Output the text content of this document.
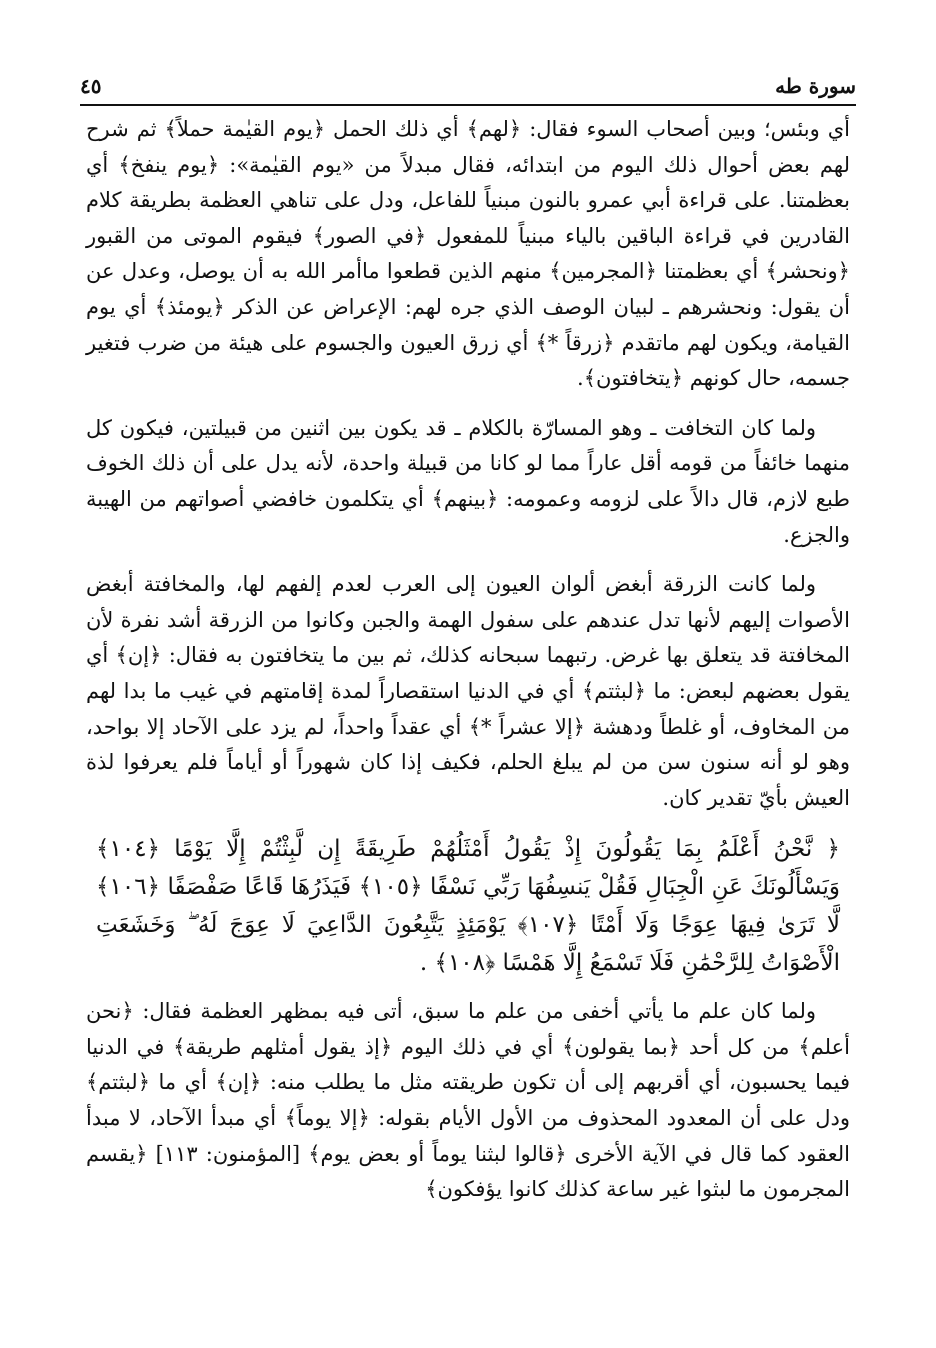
سورة طه
٤٥

أي وبئس؛ وبين أصحاب السوء فقال: ﴿لهم﴾ أي ذلك الحمل ﴿يوم القيٰمة حملاً﴾ ثم شرح لهم بعض أحوال ذلك اليوم من ابتدائه، فقال مبدلاً من «يوم القيٰمة»: ﴿يوم ينفخ﴾ أي بعظمتنا. على قراءة أبي عمرو بالنون مبنياً للفاعل، ودل على تناهي العظمة بطريقة كلام القادرين في قراءة الباقين بالياء مبنياً للمفعول ﴿في الصور﴾ فيقوم الموتى من القبور ﴿ونحشر﴾ أي بعظمتنا ﴿المجرمين﴾ منهم الذين قطعوا ماأمر الله به أن يوصل، وعدل عن أن يقول: ونحشرهم ـ لبيان الوصف الذي جره لهم: الإعراض عن الذكر ﴿يومئذ﴾ أي يوم القيامة، ويكون لهم ماتقدم ﴿زرقاً *﴾ أي زرق العيون والجسوم على هيئة من ضرب فتغير جسمه، حال كونهم ﴿يتخافتون﴾.

ولما كان التخافت ـ وهو المسارّة بالكلام ـ قد يكون بين اثنين من قبيلتين، فيكون كل منهما خائفاً من قومه أقل عاراً مما لو كانا من قبيلة واحدة، لأنه يدل على أن ذلك الخوف طبع لازم، قال دالاً على لزومه وعمومه: ﴿بينهم﴾ أي يتكلمون خافضي أصواتهم من الهيبة والجزع.

ولما كانت الزرقة أبغض ألوان العيون إلى العرب لعدم إلفهم لها، والمخافتة أبغض الأصوات إليهم لأنها تدل عندهم على سفول الهمة والجبن وكانوا من الزرقة أشد نفرة لأن المخافتة قد يتعلق بها غرض. رتبهما سبحانه كذلك، ثم بين ما يتخافتون به فقال: ﴿إن﴾ أي يقول بعضهم لبعض: ما ﴿لبثتم﴾ أي في الدنيا استقصاراً لمدة إقامتهم في غيب ما بدا لهم من المخاوف، أو غلطاً ودهشة ﴿إلا عشراً *﴾ أي عقداً واحداً، لم يزد على الآحاد إلا بواحد، وهو لو أنه سنون سن من لم يبلغ الحلم، فكيف إذا كان شهوراً أو أياماً فلم يعرفوا لذة العيش بأيّ تقدير كان.

﴿ نَّحْنُ أَعْلَمُ بِمَا يَقُولُونَ إِذْ يَقُولُ أَمْثَلُهُمْ طَرِيقَةً إِن لَّبِثْتُمْ إِلَّا يَوْمًا ﴿١٠٤﴾ وَيَسْأَلُونَكَ عَنِ الْجِبَالِ فَقُلْ يَنسِفُهَا رَبِّي نَسْفًا ﴿١٠٥﴾ فَيَذَرُهَا قَاعًا صَفْصَفًا ﴿١٠٦﴾ لَّا تَرَىٰ فِيهَا عِوَجًا وَلَا أَمْتًا ﴿١٠٧﴾ يَوْمَئِذٍ يَتَّبِعُونَ الدَّاعِيَ لَا عِوَجَ لَهُ ۖ وَخَشَعَتِ الْأَصْوَاتُ لِلرَّحْمَٰنِ فَلَا تَسْمَعُ إِلَّا هَمْسًا ﴿١٠٨﴾ .

ولما كان علم ما يأتي أخفى من علم ما سبق، أتى فيه بمظهر العظمة فقال: ﴿نحن أعلم﴾ من كل أحد ﴿بما يقولون﴾ أي في ذلك اليوم ﴿إذ يقول أمثلهم طريقة﴾ في الدنيا فيما يحسبون، أي أقربهم إلى أن تكون طريقته مثل ما يطلب منه: ﴿إن﴾ أي ما ﴿لبثتم﴾ودل على أن المعدود المحذوف من الأول الأيام بقوله: ﴿إلا يوماً﴾ أي مبدأ الآحاد، لا مبدأ العقود كما قال في الآية الأخرى ﴿قالوا لبثنا يوماً أو بعض يوم﴾ [المؤمنون: ١١٣] ﴿يقسم المجرمون ما لبثوا غير ساعة كذلك كانوا يؤفكون﴾
